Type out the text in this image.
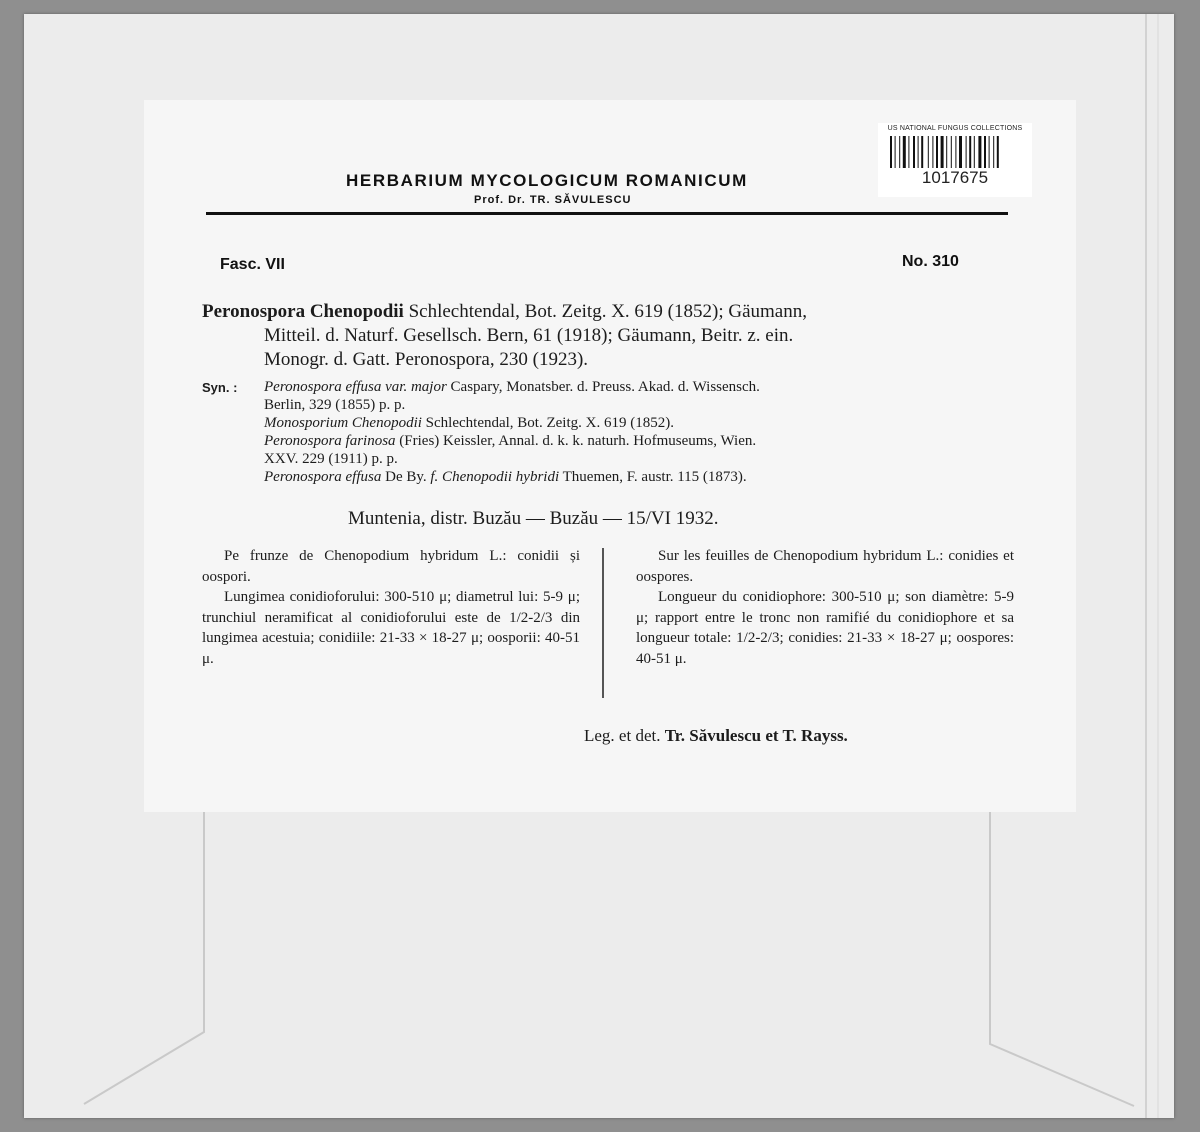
US NATIONAL FUNGUS COLLECTIONS
1017675
HERBARIUM MYCOLOGICUM ROMANICUM
Prof. Dr. TR. SĂVULESCU
Fasc. VII	No. 310
Peronospora Chenopodii Schlechtendal, Bot. Zeitg. X. 619 (1852); Gäumann,
Mitteil. d. Naturf. Gesellsch. Bern, 61 (1918); Gäumann, Beitr. z. ein.
Monogr. d. Gatt. Peronospora, 230 (1923).
Syn. :	Peronospora effusa var. major Caspary, Monatsber. d. Preuss. Akad. d. Wissensch.
Berlin, 329 (1855) p. p.
Monosporium Chenopodii Schlechtendal, Bot. Zeitg. X. 619 (1852).
Peronospora farinosa (Fries) Keissler, Annal. d. k. k. naturh. Hofmuseums, Wien.
XXV. 229 (1911) p. p.
Peronospora effusa De By. f. Chenopodii hybridi Thuemen, F. austr. 115 (1873).
Muntenia, distr. Buzău — Buzău — 15/VI 1932.

Pe frunze de Chenopodium hybridum L.: conidii și oospori.

Lungimea conidioforului: 300-510 μ; diametrul lui: 5-9 μ; trunchiul neramificat al conidioforului este de 1/2-2/3 din lungimea acestuia; conidiile: 21-33 × 18-27 μ; oosporii: 40-51 μ.

Sur les feuilles de Chenopodium hybridum L.: conidies et oospores.

Longueur du conidiophore: 300-510 μ; son diamètre: 5-9 μ; rapport entre le tronc non ramifié du conidiophore et sa longueur totale: 1/2-2/3; conidies: 21-33 × 18-27 μ; oospores: 40-51 μ.

Leg. et det. Tr. Săvulescu et T. Rayss.
